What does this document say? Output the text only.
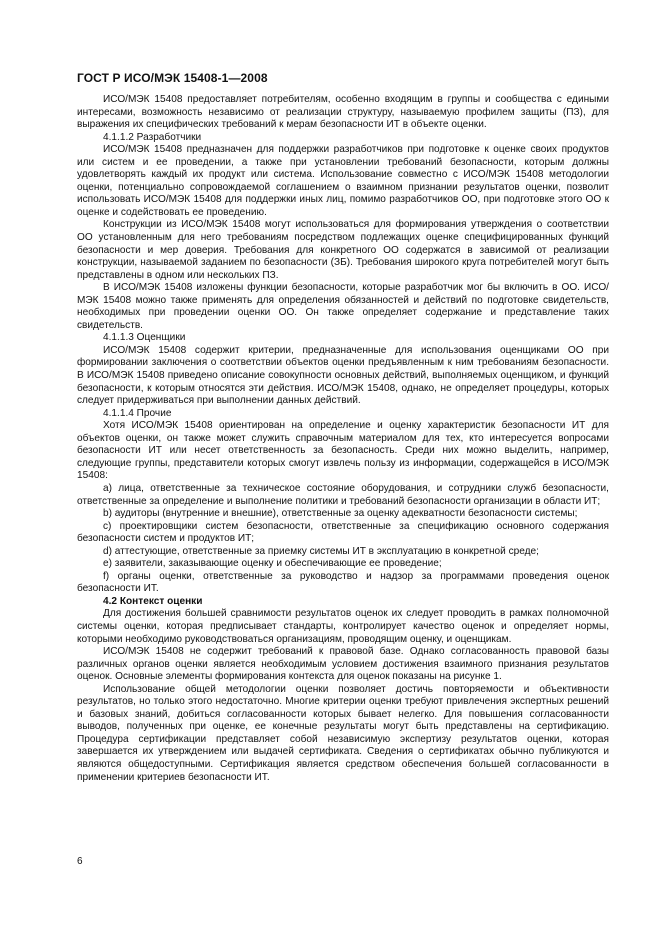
ГОСТ Р ИСО/МЭК 15408-1—2008

ИСО/МЭК 15408 предоставляет потребителям, особенно входящим в группы и сообщества с едиными интересами, возможность независимо от реализации структуру, называемую профилем защиты (ПЗ), для выражения их специфических требований к мерам безопасности ИТ в объекте оценки.

4.1.1.2 Разработчики

ИСО/МЭК 15408 предназначен для поддержки разработчиков при подготовке к оценке своих продуктов или систем и ее проведении, а также при установлении требований безопасности, которым должны удовлетворять каждый их продукт или система. Использование совместно с ИСО/МЭК 15408 методологии оценки, потенциально сопровождаемой соглашением о взаимном признании результатов оценки, позволит использовать ИСО/МЭК 15408 для поддержки иных лиц, помимо разработчиков ОО, при подготовке этого ОО к оценке и содействовать ее проведению.

Конструкции из ИСО/МЭК 15408 могут использоваться для формирования утверждения о соответствии ОО установленным для него требованиям посредством подлежащих оценке специфицированных функций безопасности и мер доверия. Требования для конкретного ОО содержатся в зависимой от реализации конструкции, называемой заданием по безопасности (ЗБ). Требования широкого круга потребителей могут быть представлены в одном или нескольких ПЗ.

В ИСО/МЭК 15408 изложены функции безопасности, которые разработчик мог бы включить в ОО. ИСО/МЭК 15408 можно также применять для определения обязанностей и действий по подготовке свидетельств, необходимых при проведении оценки ОО. Он также определяет содержание и представление таких свидетельств.

4.1.1.3 Оценщики

ИСО/МЭК 15408 содержит критерии, предназначенные для использования оценщиками ОО при формировании заключения о соответствии объектов оценки предъявленным к ним требованиям безопасности. В ИСО/МЭК 15408 приведено описание совокупности основных действий, выполняемых оценщиком, и функций безопасности, к которым относятся эти действия. ИСО/МЭК 15408, однако, не определяет процедуры, которых следует придерживаться при выполнении данных действий.

4.1.1.4 Прочие

Хотя ИСО/МЭК 15408 ориентирован на определение и оценку характеристик безопасности ИТ для объектов оценки, он также может служить справочным материалом для тех, кто интересуется вопросами безопасности ИТ или несет ответственность за безопасность. Среди них можно выделить, например, следующие группы, представители которых смогут извлечь пользу из информации, содержащейся в ИСО/МЭК 15408:

a) лица, ответственные за техническое состояние оборудования, и сотрудники служб безопасности, ответственные за определение и выполнение политики и требований безопасности организации в области ИТ;

b) аудиторы (внутренние и внешние), ответственные за оценку адекватности безопасности системы;

c) проектировщики систем безопасности, ответственные за спецификацию основного содержания безопасности систем и продуктов ИТ;

d) аттестующие, ответственные за приемку системы ИТ в эксплуатацию в конкретной среде;

e) заявители, заказывающие оценку и обеспечивающие ее проведение;

f) органы оценки, ответственные за руководство и надзор за программами проведения оценок безопасности ИТ.

4.2 Контекст оценки

Для достижения большей сравнимости результатов оценок их следует проводить в рамках полномочной системы оценки, которая предписывает стандарты, контролирует качество оценок и определяет нормы, которыми необходимо руководствоваться организациям, проводящим оценку, и оценщикам.

ИСО/МЭК 15408 не содержит требований к правовой базе. Однако согласованность правовой базы различных органов оценки является необходимым условием достижения взаимного признания результатов оценок. Основные элементы формирования контекста для оценок показаны на рисунке 1.

Использование общей методологии оценки позволяет достичь повторяемости и объективности результатов, но только этого недостаточно. Многие критерии оценки требуют привлечения экспертных решений и базовых знаний, добиться согласованности которых бывает нелегко. Для повышения согласованности выводов, полученных при оценке, ее конечные результаты могут быть представлены на сертификацию. Процедура сертификации представляет собой независимую экспертизу результатов оценки, которая завершается их утверждением или выдачей сертификата. Сведения о сертификатах обычно публикуются и являются общедоступными. Сертификация является средством обеспечения большей согласованности в применении критериев безопасности ИТ.

6
